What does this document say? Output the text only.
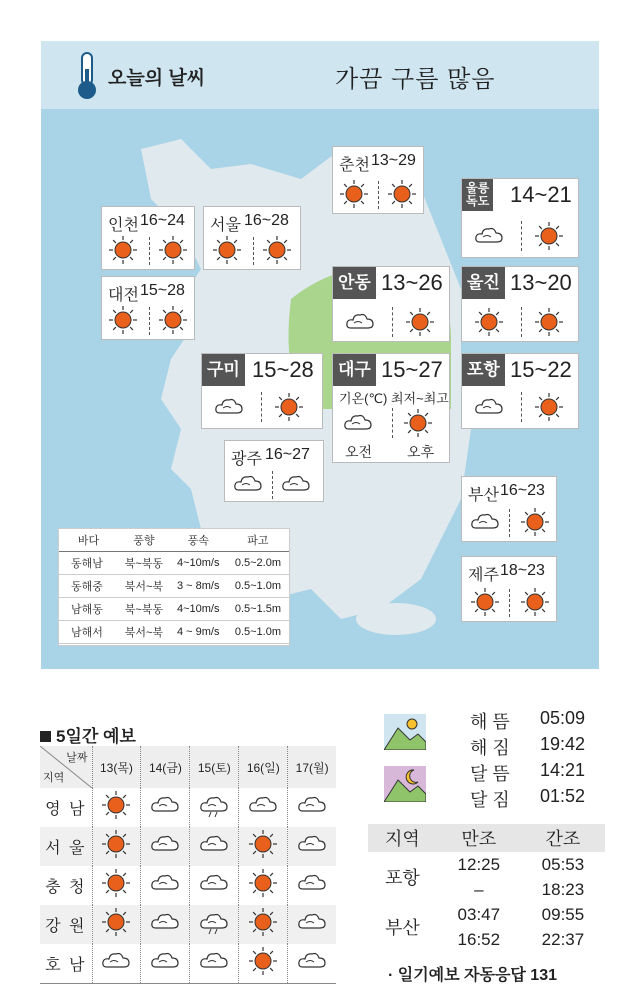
오늘의 날씨	가끔 구름 많음
인천 16~24 서울 16~28
춘천 13~29
대전 15~28
울릉
독도 14~21
안동 13~26 울진 13~20
구미 15~28 대구 15~27
기온(℃) 최저~최고
오전 오후
포항 15~22
광주 16~27
부산 16~23
제주 18~23
바다	풍향	풍속	파고
동해남	북~북동	4~10m/s	0.5~2.0m
동해중	북서~북	3 ~ 8m/s	0.5~1.0m
남해동	북~북동	4~10m/s	0.5~1.5m
남해서	북서~북	4 ~ 9m/s	0.5~1.0m
5일간 예보
날짜
지역	13(목)	14(금)	15(토)	16(일)	17(월)
영 남					
서 울					
충 청					
강 원					
호 남					
해 뜸 05:09
해 짐 19:42
달 뜸 14:21
달 짐 01:52
지역	만조	간조
포항	12:25	05:53
	–	18:23
부산	03:47	09:55
	16:52	22:37
· 일기예보 자동응답 131
